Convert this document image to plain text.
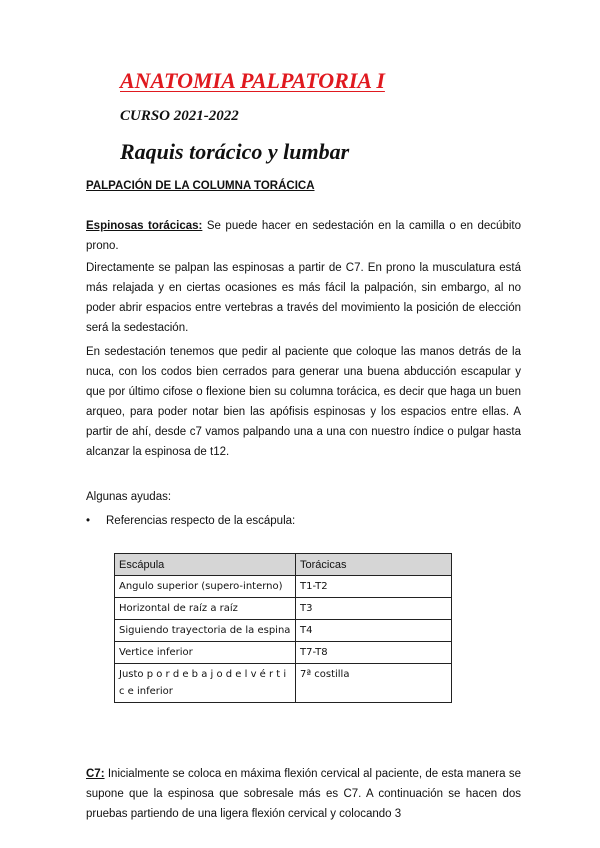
ANATOMIA PALPATORIA I
CURSO 2021-2022
Raquis torácico y lumbar
PALPACIÓN DE LA COLUMNA TORÁCICA

Espinosas torácicas: Se puede hacer en sedestación en la camilla o en decúbito prono.

Directamente se palpan las espinosas a partir de C7. En prono la musculatura está más relajada y en ciertas ocasiones es más fácil la palpación, sin embargo, al no poder abrir espacios entre vertebras a través del movimiento la posición de elección será la sedestación.

En sedestación tenemos que pedir al paciente que coloque las manos detrás de la nuca, con los codos bien cerrados para generar una buena abducción escapular y que por último cifose o flexione bien su columna torácica, es decir que haga un buen arqueo, para poder notar bien las apófisis espinosas y los espacios entre ellas. A partir de ahí, desde c7 vamos palpando una a una con nuestro índice o pulgar hasta alcanzar la espinosa de t12.

Algunas ayudas:

• Referencias respecto de la escápula:
Escápula	Torácicas
Angulo superior (supero-interno)	T1-T2
Horizontal de raíz a raíz	T3
Siguiendo trayectoria de la espina	T4
Vertice inferior	T7-T8
Justo p o r d e b a j o d e l v é r t i c e inferior	7ª costilla

C7: Inicialmente se coloca en máxima flexión cervical al paciente, de esta manera se supone que la espinosa que sobresale más es C7. A continuación se hacen dos pruebas partiendo de una ligera flexión cervical y colocando 3
